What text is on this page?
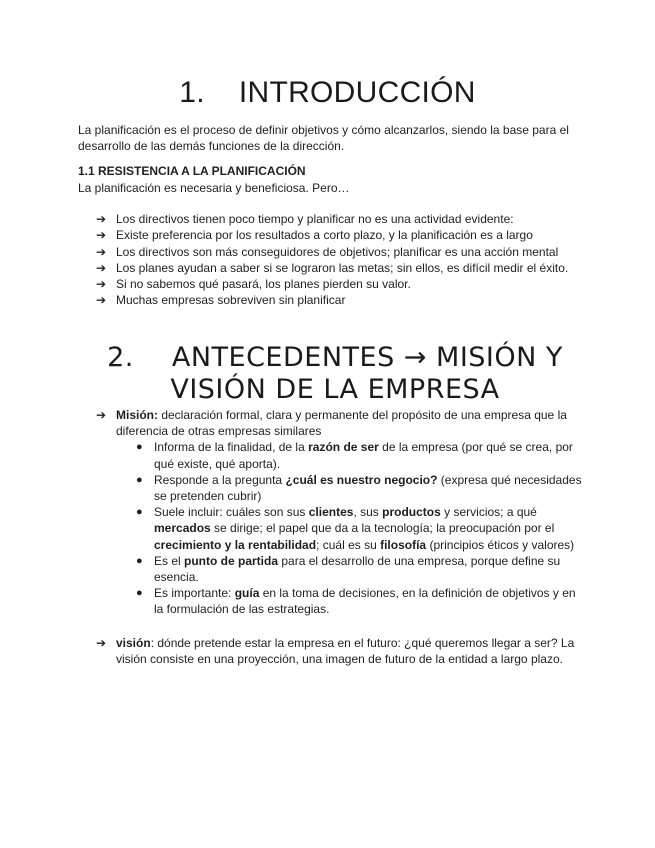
1. INTRODUCCIÓN

La planificación es el proceso de definir objetivos y cómo alcanzarlos, siendo la base para el desarrollo de las demás funciones de la dirección.

1.1 RESISTENCIA A LA PLANIFICACIÓN

La planificación es necesaria y beneficiosa. Pero…

➔ Los directivos tienen poco tiempo y planificar no es una actividad evidente:
➔ Existe preferencia por los resultados a corto plazo, y la planificación es a largo
➔ Los directivos son más conseguidores de objetivos; planificar es una acción mental
➔ Los planes ayudan a saber si se lograron las metas; sin ellos, es difícil medir el éxito.
➔ Si no sabemos qué pasará, los planes pierden su valor.
➔ Muchas empresas sobreviven sin planificar
2. ANTECEDENTES → MISIÓN Y VISIÓN DE LA EMPRESA
➔ Misión: declaración formal, clara y permanente del propósito de una empresa que la diferencia de otras empresas similares
● Informa de la finalidad, de la razón de ser de la empresa (por qué se crea, por qué existe, qué aporta).
● Responde a la pregunta ¿cuál es nuestro negocio? (expresa qué necesidades se pretenden cubrir)
● Suele incluir: cuáles son sus clientes, sus productos y servicios; a qué mercados se dirige; el papel que da a la tecnología; la preocupación por el crecimiento y la rentabilidad; cuál es su filosofía (principios éticos y valores)
● Es el punto de partida para el desarrollo de una empresa, porque define su esencia.
● Es importante: guía en la toma de decisiones, en la definición de objetivos y en la formulación de las estrategias.
➔ visión: dónde pretende estar la empresa en el futuro: ¿qué queremos llegar a ser? La visión consiste en una proyección, una imagen de futuro de la entidad a largo plazo.
